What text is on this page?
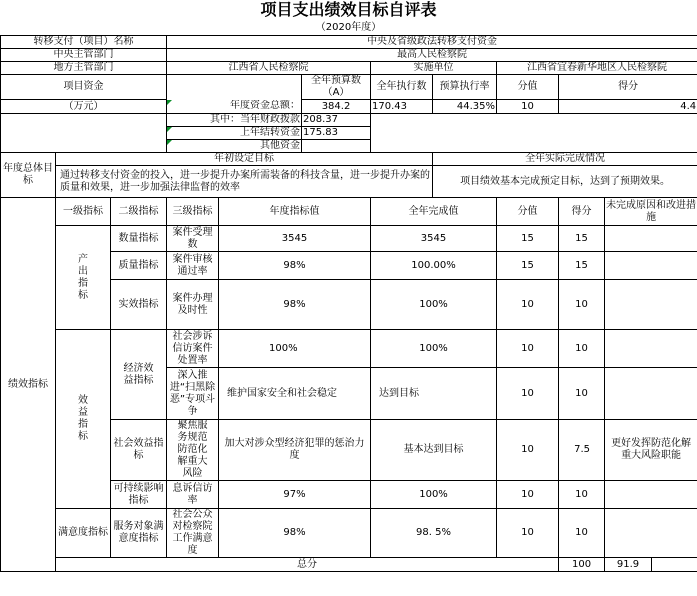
项目支出绩效目标自评表
（2020年度）
转移支付（项目）名称			中央及省级政法转移支付资金								
中央主管部门			最高人民检察院								
地方主管部门			江西省人民检察院			实施单位		江西省宜春新华地区人民检察院			
项目资金					全年预算数（A）	全年执行数	预算执行率	分值	得分		
（万元）			年度资金总额：		384.2	170.43	44.35%	10	4.4		
			其中：当年财政拨款		208.37						
			上年结转资金		175.83						
			其他资金								
年度总体目标	年初设定目标						全年实际完成情况				
	通过转移支付资金的投入，进一步提升办案所需装备的科技含量，进一步提升办案的质量和效果，进一步加强法律监督的效率						项目绩效基本完成预定目标，达到了预期效果。				
绩效指标	一级指标	二级指标	三级指标	年度指标值		全年完成值		分值	得分	未完成原因和改进措施	
	产出指标	数量指标	案件受理数	3545		3545		15	15		
		质量指标	案件审核通过率	98%		100.00%		15	15		
		实效指标	案件办理及时性	98%		100%		10	10		
	效益指标	经济效益指标	社会涉诉信访案件处置率	100%		100%		10	10		
			深入推进“扫黑除恶”专项斗争	维护国家安全和社会稳定		达到目标		10	10		
		社会效益指标	聚焦服务规范防范化解重大风险	加大对涉众型经济犯罪的惩治力度		基本达到目标		10	7.5	更好发挥防范化解重大风险职能	
		可持续影响指标	息诉信访率	97%		100%		10	10		
	满意度指标	服务对象满意度指标	社会公众对检察院工作满意度	98%		98. 5%		10	10		
	总分								100	91.9	
